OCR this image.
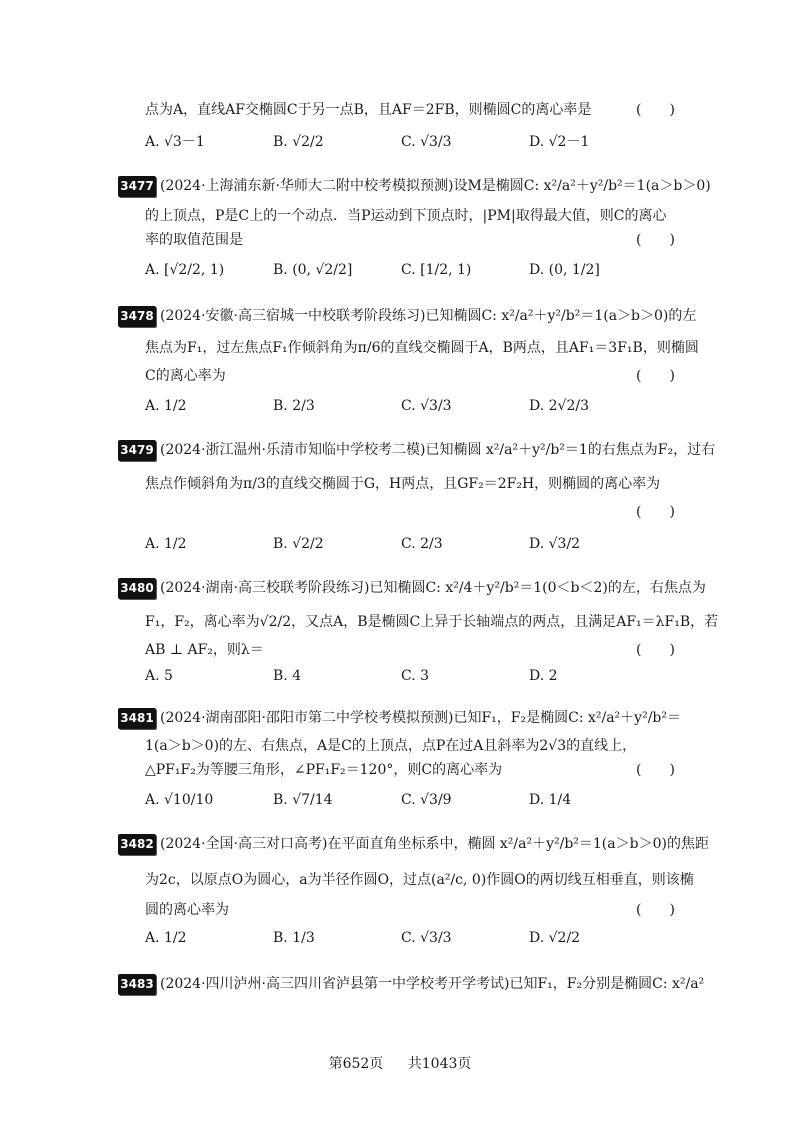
点为A，直线AF交椭圆C于另一点B，且AF＝2FB，则椭圆C的离心率是	(　　)
A. √3－1	B. √2/2	C. √3/3	D. √2－1
3477 (2024·上海浦东新·华师大二附中校考模拟预测)设M是椭圆C: x²/a²＋y²/b²＝1(a＞b＞0)
的上顶点，P是C上的一个动点．当P运动到下顶点时，|PM|取得最大值，则C的离心
率的取值范围是	(　　)
A. [√2/2, 1)	B. (0, √2/2]	C. [1/2, 1)	D. (0, 1/2]
3478 (2024·安徽·高三宿城一中校联考阶段练习)已知椭圆C: x²/a²＋y²/b²＝1(a＞b＞0)的左
焦点为F₁，过左焦点F₁作倾斜角为π/6的直线交椭圆于A，B两点，且AF₁＝3F₁B，则椭圆
C的离心率为	(　　)
A. 1/2	B. 2/3	C. √3/3	D. 2√2/3
3479 (2024·浙江温州·乐清市知临中学校考二模)已知椭圆 x²/a²＋y²/b²＝1的右焦点为F₂，过右
焦点作倾斜角为π/3的直线交椭圆于G，H两点，且GF₂＝2F₂H，则椭圆的离心率为
(　　)
A. 1/2	B. √2/2	C. 2/3	D. √3/2
3480 (2024·湖南·高三校联考阶段练习)已知椭圆C: x²/4＋y²/b²＝1(0＜b＜2)的左，右焦点为
F₁，F₂，离心率为√2/2，又点A，B是椭圆C上异于长轴端点的两点，且满足AF₁＝λF₁B，若
AB ⊥ AF₂，则λ＝	(　　)
A. 5	B. 4	C. 3	D. 2
3481 (2024·湖南邵阳·邵阳市第二中学校考模拟预测)已知F₁，F₂是椭圆C: x²/a²＋y²/b²＝
1(a＞b＞0)的左、右焦点，A是C的上顶点，点P在过A且斜率为2√3的直线上，
△PF₁F₂为等腰三角形，∠PF₁F₂＝120°，则C的离心率为	(　　)
A. √10/10	B. √7/14	C. √3/9	D. 1/4
3482 (2024·全国·高三对口高考)在平面直角坐标系中，椭圆 x²/a²＋y²/b²＝1(a＞b＞0)的焦距
为2c，以原点O为圆心，a为半径作圆O，过点(a²/c, 0)作圆O的两切线互相垂直，则该椭
圆的离心率为	(　　)
A. 1/2	B. 1/3	C. √3/3	D. √2/2
3483 (2024·四川泸州·高三四川省泸县第一中学校考开学考试)已知F₁，F₂分别是椭圆C: x²/a²
第652页 共1043页
